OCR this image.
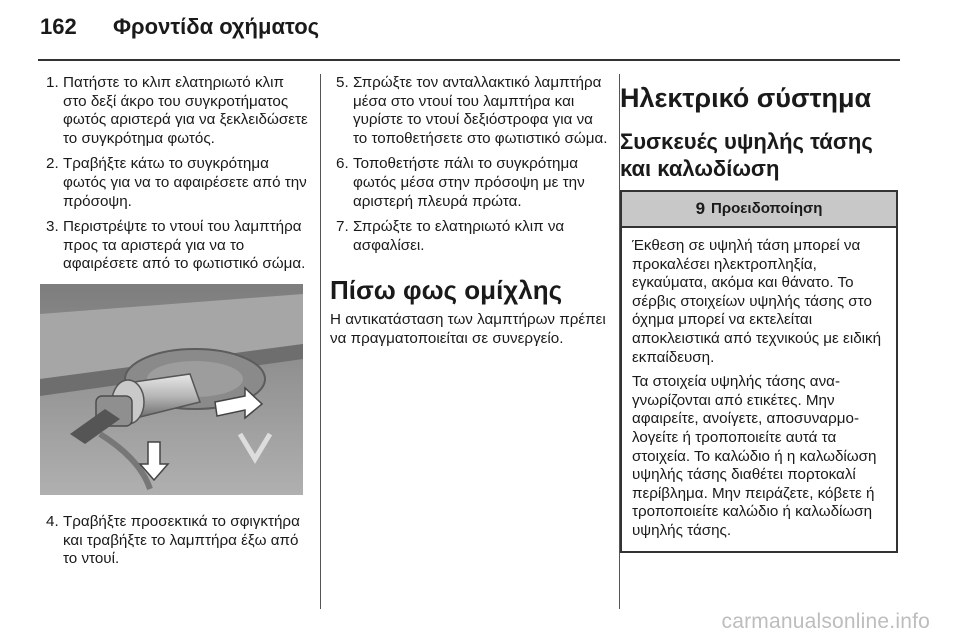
162 Φροντίδα οχήματος
1. Πατήστε το κλιπ ελατηριωτό κλιπ στο δεξί άκρο του συγκροτήματος φωτός αριστερά για να ξεκλειδώσετε το συγκρότημα φωτός.
2. Τραβήξτε κάτω το συγκρότημα φωτός για να το αφαιρέσετε από την πρόσοψη.
3. Περιστρέψτε το ντουί του λαμπτήρα προς τα αριστερά για να το αφαιρέσετε από το φωτιστικό σώμα.
4. Τραβήξτε προσεκτικά το σφιγκτήρα και τραβήξτε το λαμπτήρα έξω από το ντουί.
5. Σπρώξτε τον ανταλλακτικό λαμπτήρα μέσα στο ντουί του λαμπτήρα και γυρίστε το ντουί δεξιόστροφα για να το τοποθετήσετε στο φωτιστικό σώμα.
6. Τοποθετήστε πάλι το συγκρότημα φωτός μέσα στην πρόσοψη με την αριστερή πλευρά πρώτα.
7. Σπρώξτε το ελατηριωτό κλιπ να ασφαλίσει.
Πίσω φως ομίχλης

Η αντικατάσταση των λαμπτήρων πρέπει να πραγματοποιείται σε συνεργείο.

Ηλεκτρικό σύστημα
Συσκευές υψηλής τάσης και καλωδίωση
9 Προειδοποίηση

Έκθεση σε υψηλή τάση μπορεί να προκαλέσει ηλεκτροπληξία, εγκαύματα, ακόμα και θάνατο. Το σέρβις στοιχείων υψηλής τάσης στο όχημα μπορεί να εκτελείται αποκλειστικά από τεχνικούς με ειδική εκπαίδευση.

Τα στοιχεία υψηλής τάσης αναγνωρίζονται από ετικέτες. Μην αφαιρείτε, ανοίγετε, αποσυναρμολογείτε ή τροποποιείτε αυτά τα στοιχεία. Το καλώδιο ή η καλωδίωση υψηλής τάσης διαθέτει πορτοκαλί περίβλημα. Μην πειράζετε, κόβετε ή τροποποιείτε καλώδιο ή καλωδίωση υψηλής τάσης.

carmanualsonline.info
